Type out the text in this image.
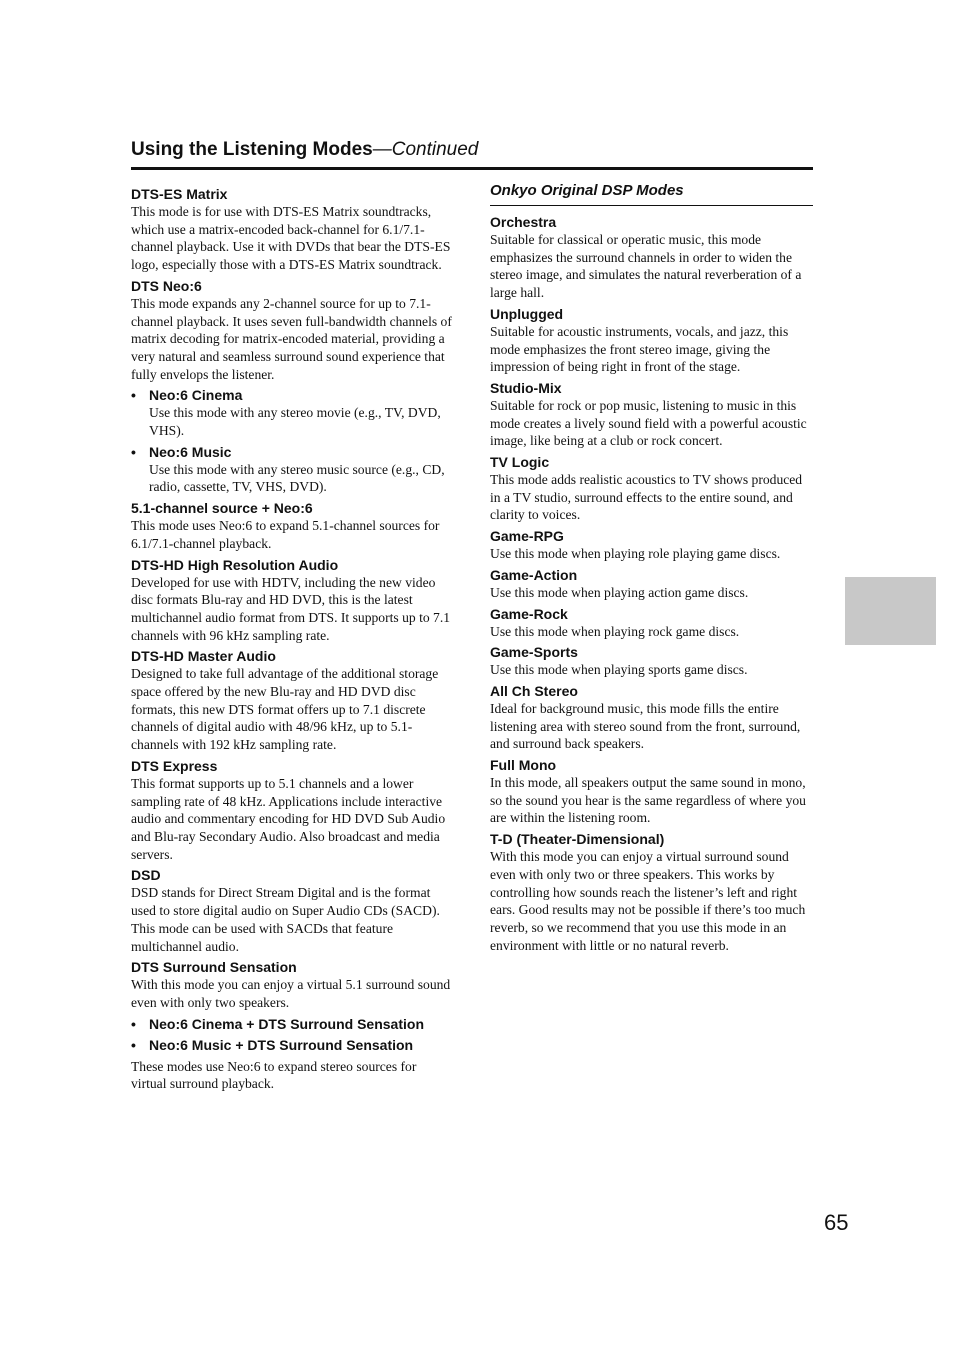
Using the Listening Modes—Continued
DTS-ES Matrix
This mode is for use with DTS-ES Matrix soundtracks, which use a matrix-encoded back-channel for 6.1/7.1-channel playback. Use it with DVDs that bear the DTS-ES logo, especially those with a DTS-ES Matrix soundtrack.
DTS Neo:6
This mode expands any 2-channel source for up to 7.1-channel playback. It uses seven full-bandwidth channels of matrix decoding for matrix-encoded material, providing a very natural and seamless surround sound experience that fully envelops the listener.
• Neo:6 Cinema
Use this mode with any stereo movie (e.g., TV, DVD, VHS).
• Neo:6 Music
Use this mode with any stereo music source (e.g., CD, radio, cassette, TV, VHS, DVD).
5.1-channel source + Neo:6
This mode uses Neo:6 to expand 5.1-channel sources for 6.1/7.1-channel playback.
DTS-HD High Resolution Audio
Developed for use with HDTV, including the new video disc formats Blu-ray and HD DVD, this is the latest multichannel audio format from DTS. It supports up to 7.1 channels with 96 kHz sampling rate.
DTS-HD Master Audio
Designed to take full advantage of the additional storage space offered by the new Blu-ray and HD DVD disc formats, this new DTS format offers up to 7.1 discrete channels of digital audio with 48/96 kHz, up to 5.1-channels with 192 kHz sampling rate.
DTS Express
This format supports up to 5.1 channels and a lower sampling rate of 48 kHz. Applications include interactive audio and commentary encoding for HD DVD Sub Audio and Blu-ray Secondary Audio. Also broadcast and media servers.
DSD
DSD stands for Direct Stream Digital and is the format used to store digital audio on Super Audio CDs (SACD). This mode can be used with SACDs that feature multichannel audio.
DTS Surround Sensation
With this mode you can enjoy a virtual 5.1 surround sound even with only two speakers.
• Neo:6 Cinema + DTS Surround Sensation
• Neo:6 Music + DTS Surround Sensation
These modes use Neo:6 to expand stereo sources for virtual surround playback.
Onkyo Original DSP Modes
Orchestra
Suitable for classical or operatic music, this mode emphasizes the surround channels in order to widen the stereo image, and simulates the natural reverberation of a large hall.
Unplugged
Suitable for acoustic instruments, vocals, and jazz, this mode emphasizes the front stereo image, giving the impression of being right in front of the stage.
Studio-Mix
Suitable for rock or pop music, listening to music in this mode creates a lively sound field with a powerful acoustic image, like being at a club or rock concert.
TV Logic
This mode adds realistic acoustics to TV shows produced in a TV studio, surround effects to the entire sound, and clarity to voices.
Game-RPG
Use this mode when playing role playing game discs.
Game-Action
Use this mode when playing action game discs.
Game-Rock
Use this mode when playing rock game discs.
Game-Sports
Use this mode when playing sports game discs.
All Ch Stereo
Ideal for background music, this mode fills the entire listening area with stereo sound from the front, surround, and surround back speakers.
Full Mono
In this mode, all speakers output the same sound in mono, so the sound you hear is the same regardless of where you are within the listening room.
T-D (Theater-Dimensional)
With this mode you can enjoy a virtual surround sound even with only two or three speakers. This works by controlling how sounds reach the listener’s left and right ears. Good results may not be possible if there’s too much reverb, so we recommend that you use this mode in an environment with little or no natural reverb.
65
